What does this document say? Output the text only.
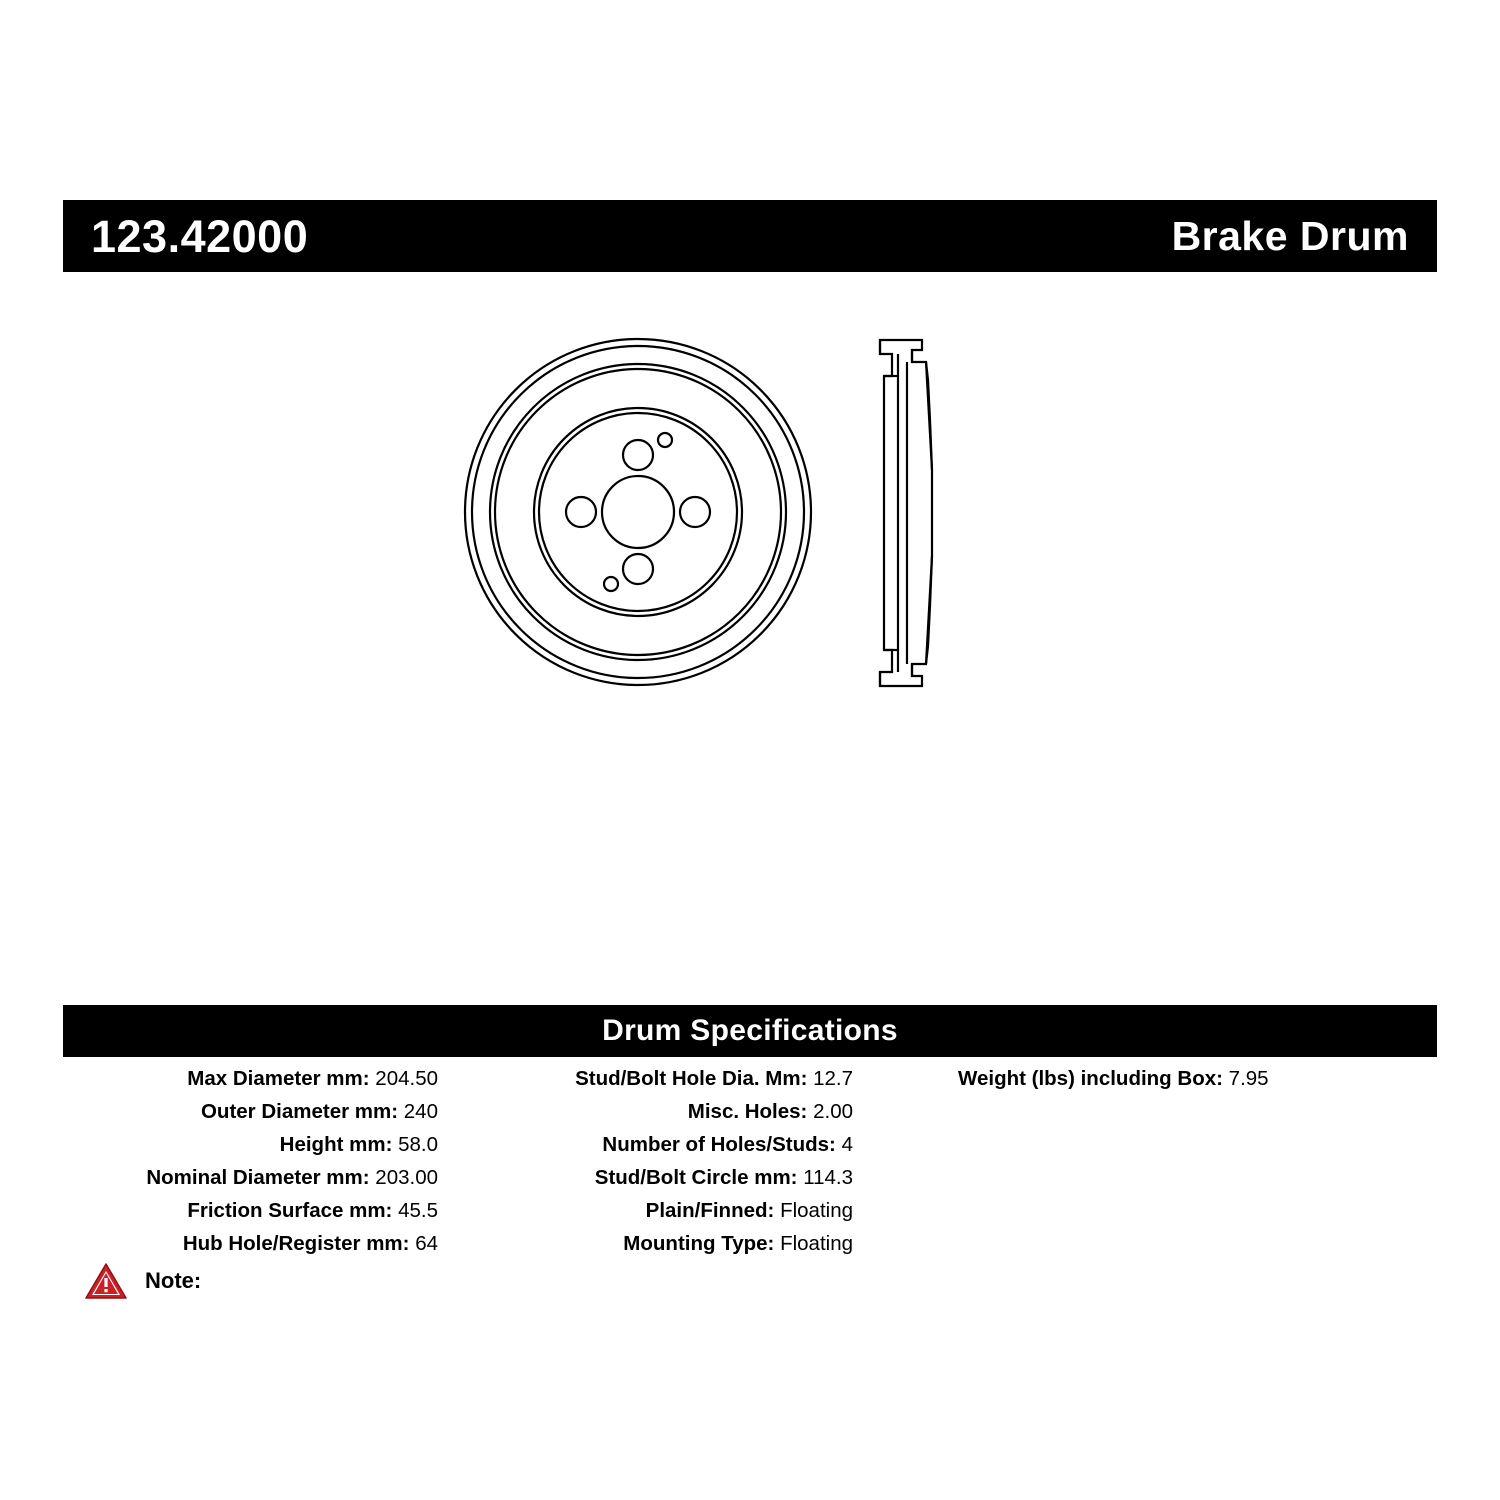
123.42000	Brake Drum
Drum Specifications
Max Diameter mm: 204.50
Outer Diameter mm: 240
Height mm: 58.0
Nominal Diameter mm: 203.00
Friction Surface mm: 45.5
Hub Hole/Register mm: 64
Stud/Bolt Hole Dia. Mm: 12.7
Misc. Holes: 2.00
Number of Holes/Studs: 4
Stud/Bolt Circle mm: 114.3
Plain/Finned: Floating
Mounting Type: Floating
Weight (lbs) including Box: 7.95
Note:
